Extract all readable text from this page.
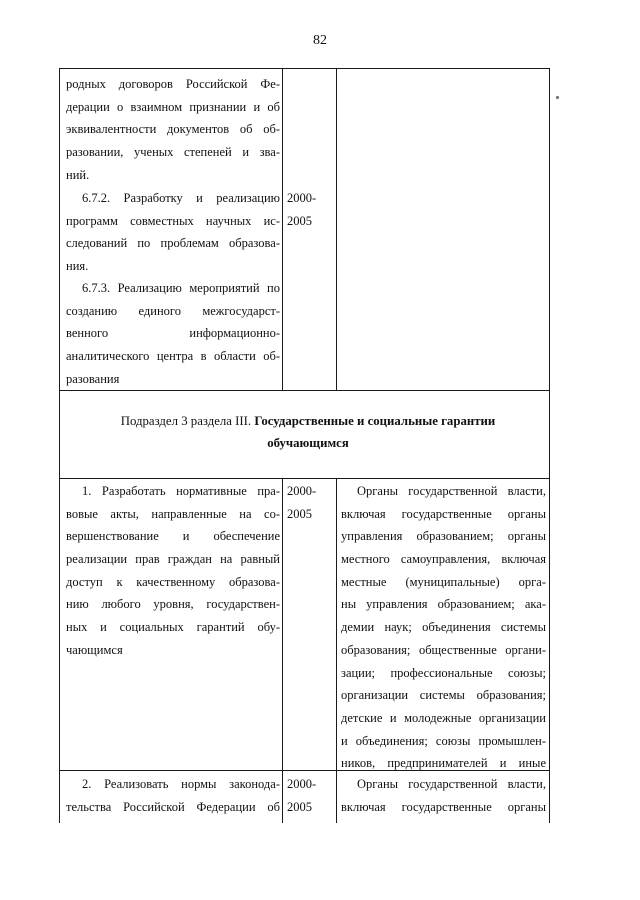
82
родных договоров Российской Фе-
дерации о взаимном признании и об
эквивалентности документов об об-
разовании, ученых степеней и зва-
ний.
6.7.2. Разработку и реализацию
программ совместных научных ис-
следований по проблемам образова-
ния.
2000-
2005
6.7.3. Реализацию мероприятий по
созданию единого межгосударст-
венного информационно-
аналитического центра в области об-
разования
Подраздел 3 раздела III. Государственные и социальные гарантии
обучающимся
1. Разработать нормативные пра-
вовые акты, направленные на со-
вершенствование и обеспечение
реализации прав граждан на равный
доступ к качественному образова-
нию любого уровня, государствен-
ных и социальных гарантий обу-
чающимся
2000-
2005
Органы государственной власти,
включая государственные органы
управления образованием; органы
местного самоуправления, включая
местные (муниципальные) орга-
ны управления образованием; ака-
демии наук; объединения системы
образования; общественные органи-
зации; профессиональные союзы;
организации системы образования;
детские и молодежные организации
и объединения; союзы промышлен-
ников, предпринимателей и иные
2. Реализовать нормы законода-
тельства Российской Федерации об
2000-
2005
Органы государственной власти,
включая государственные органы
